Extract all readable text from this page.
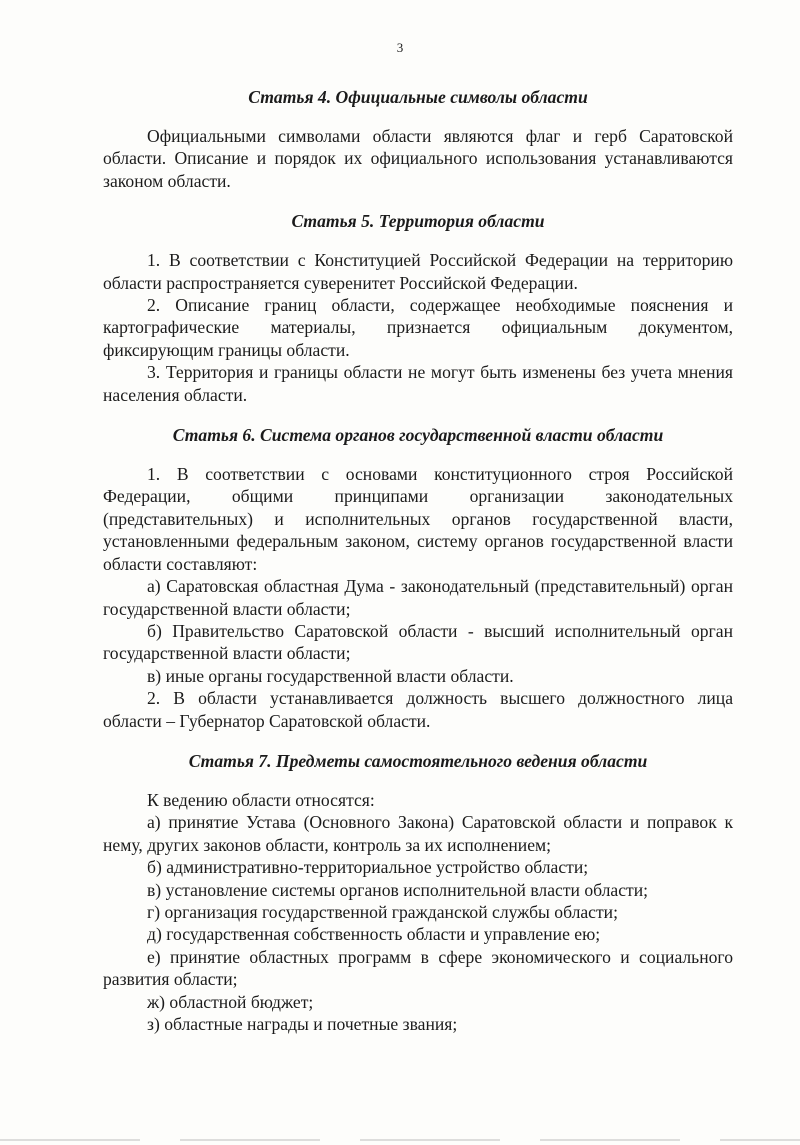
3

Статья 4. Официальные символы области

Официальными символами области являются флаг и герб Саратовской области. Описание и порядок их официального использования устанавливаются законом области.

Статья 5. Территория области

1. В соответствии с Конституцией Российской Федерации на территорию области распространяется суверенитет Российской Федерации.

2. Описание границ области, содержащее необходимые пояснения и картографические материалы, признается официальным документом, фиксирующим границы области.

3. Территория и границы области не могут быть изменены без учета мнения населения области.

Статья 6. Система органов государственной власти области

1. В соответствии с основами конституционного строя Российской Федерации, общими принципами организации законодательных (представительных) и исполнительных органов государственной власти, установленными федеральным законом, систему органов государственной власти области составляют:

а) Саратовская областная Дума - законодательный (представительный) орган государственной власти области;

б) Правительство Саратовской области - высший исполнительный орган государственной власти области;

в) иные органы государственной власти области.

2. В области устанавливается должность высшего должностного лица области – Губернатор Саратовской области.

Статья 7. Предметы самостоятельного ведения области

К ведению области относятся:

а) принятие Устава (Основного Закона) Саратовской области и поправок к нему, других законов области, контроль за их исполнением;

б) административно-территориальное устройство области;

в) установление системы органов исполнительной власти области;

г) организация государственной гражданской службы области;

д) государственная собственность области и управление ею;

е) принятие областных программ в сфере экономического и социального развития области;

ж) областной бюджет;

з) областные награды и почетные звания;
